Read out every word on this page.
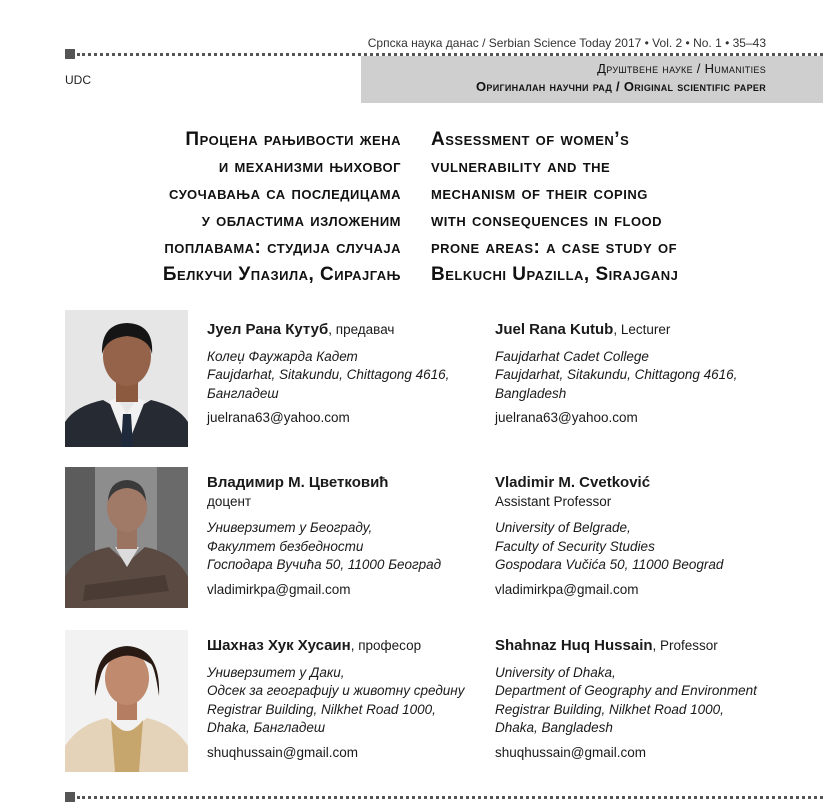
Српска наука данас / Serbian Science Today 2017 • Vol. 2 • No. 1 • 35–43
UDC
Друштвене науке / Humanities
Оригиналан научни рад / Original scientific paper
Процена рањивости жена
и механизми њиховог
суочавања са последицама
у областима изложеним
поплавама: студија случаја
Белкучи Упазила, Сирајгањ
Assessment of women’s
vulnerability and the
mechanism of their coping
with consequences in flood
prone areas: a case study of
Belkuchi Upazilla, Sirajganj
Јуел Рана Кутуб, предавач
Колеџ Фаужарда Кадет
Faujdarhat, Sitakundu, Chittagong 4616,
Бангладеш
juelrana63@yahoo.com
Juel Rana Kutub, Lecturer
Faujdarhat Cadet College
Faujdarhat, Sitakundu, Chittagong 4616,
Bangladesh
juelrana63@yahoo.com
Владимир М. Цветковић
доцент
Универзитет у Београду,
Факултет безбедности
Господара Вучића 50, 11000 Београд
vladimirkpa@gmail.com
Vladimir M. Cvetković
Assistant Professor
University of Belgrade,
Faculty of Security Studies
Gospodara Vučića 50, 11000 Beograd
vladimirkpa@gmail.com
Шахназ Хук Хусаин, професор
Универзитет у Даки,
Одсек за географију и животну средину
Registrar Building, Nilkhet Road 1000,
Dhaka, Бангладеш
shuqhussain@gmail.com
Shahnaz Huq Hussain, Professor
University of Dhaka,
Department of Geography and Environment
Registrar Building, Nilkhet Road 1000,
Dhaka, Bangladesh
shuqhussain@gmail.com
